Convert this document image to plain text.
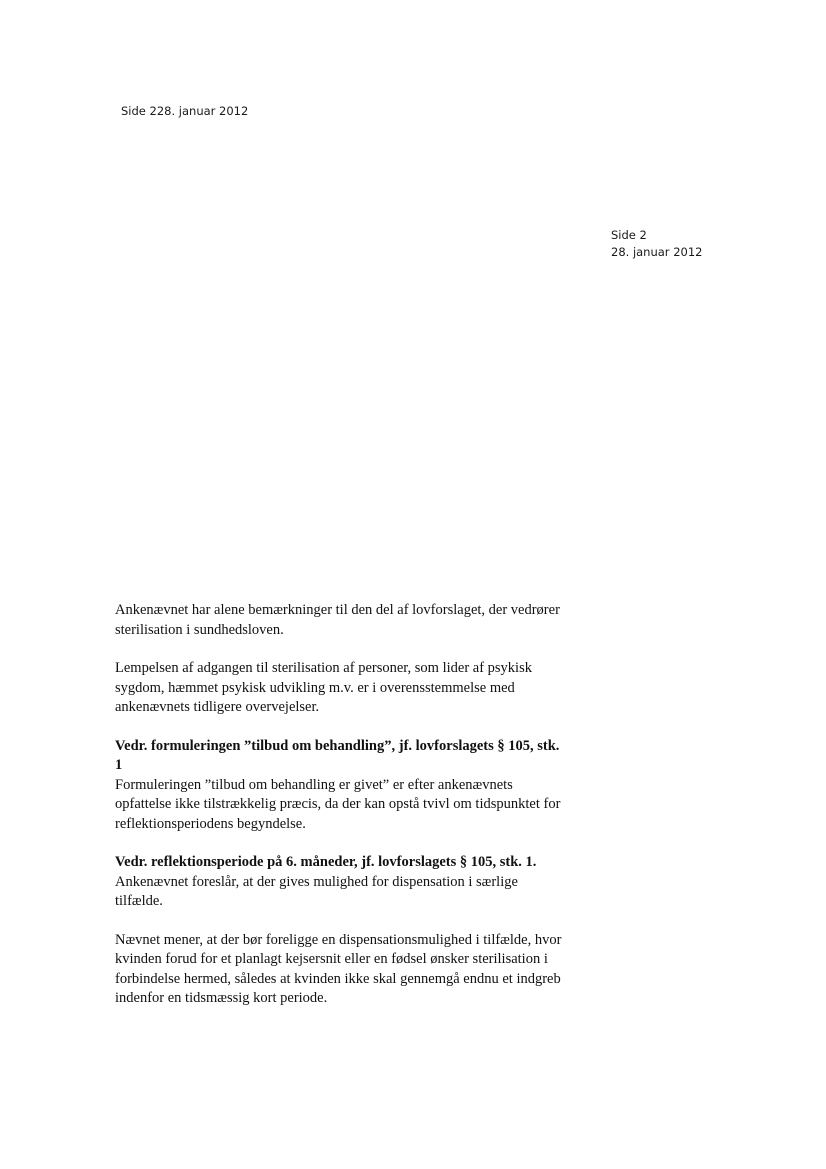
Side 228. januar 2012
Side 2
28. januar 2012

Ankenævnet har alene bemærkninger til den del af lovforslaget, der vedrører
sterilisation i sundhedsloven.

Lempelsen af adgangen til sterilisation af personer, som lider af psykisk
sygdom, hæmmet psykisk udvikling m.v. er i overensstemmelse med
ankenævnets tidligere overvejelser.

Vedr. formuleringen ”tilbud om behandling”, jf. lovforslagets § 105, stk.
1
Formuleringen ”tilbud om behandling er givet” er efter ankenævnets
opfattelse ikke tilstrækkelig præcis, da der kan opstå tvivl om tidspunktet for
reflektionsperiodens begyndelse.
Vedr. reflektionsperiode på 6. måneder, jf. lovforslagets § 105, stk. 1.
Ankenævnet foreslår, at der gives mulighed for dispensation i særlige
tilfælde.

Nævnet mener, at der bør foreligge en dispensationsmulighed i tilfælde, hvor
kvinden forud for et planlagt kejsersnit eller en fødsel ønsker sterilisation i
forbindelse hermed, således at kvinden ikke skal gennemgå endnu et indgreb
indenfor en tidsmæssig kort periode.
